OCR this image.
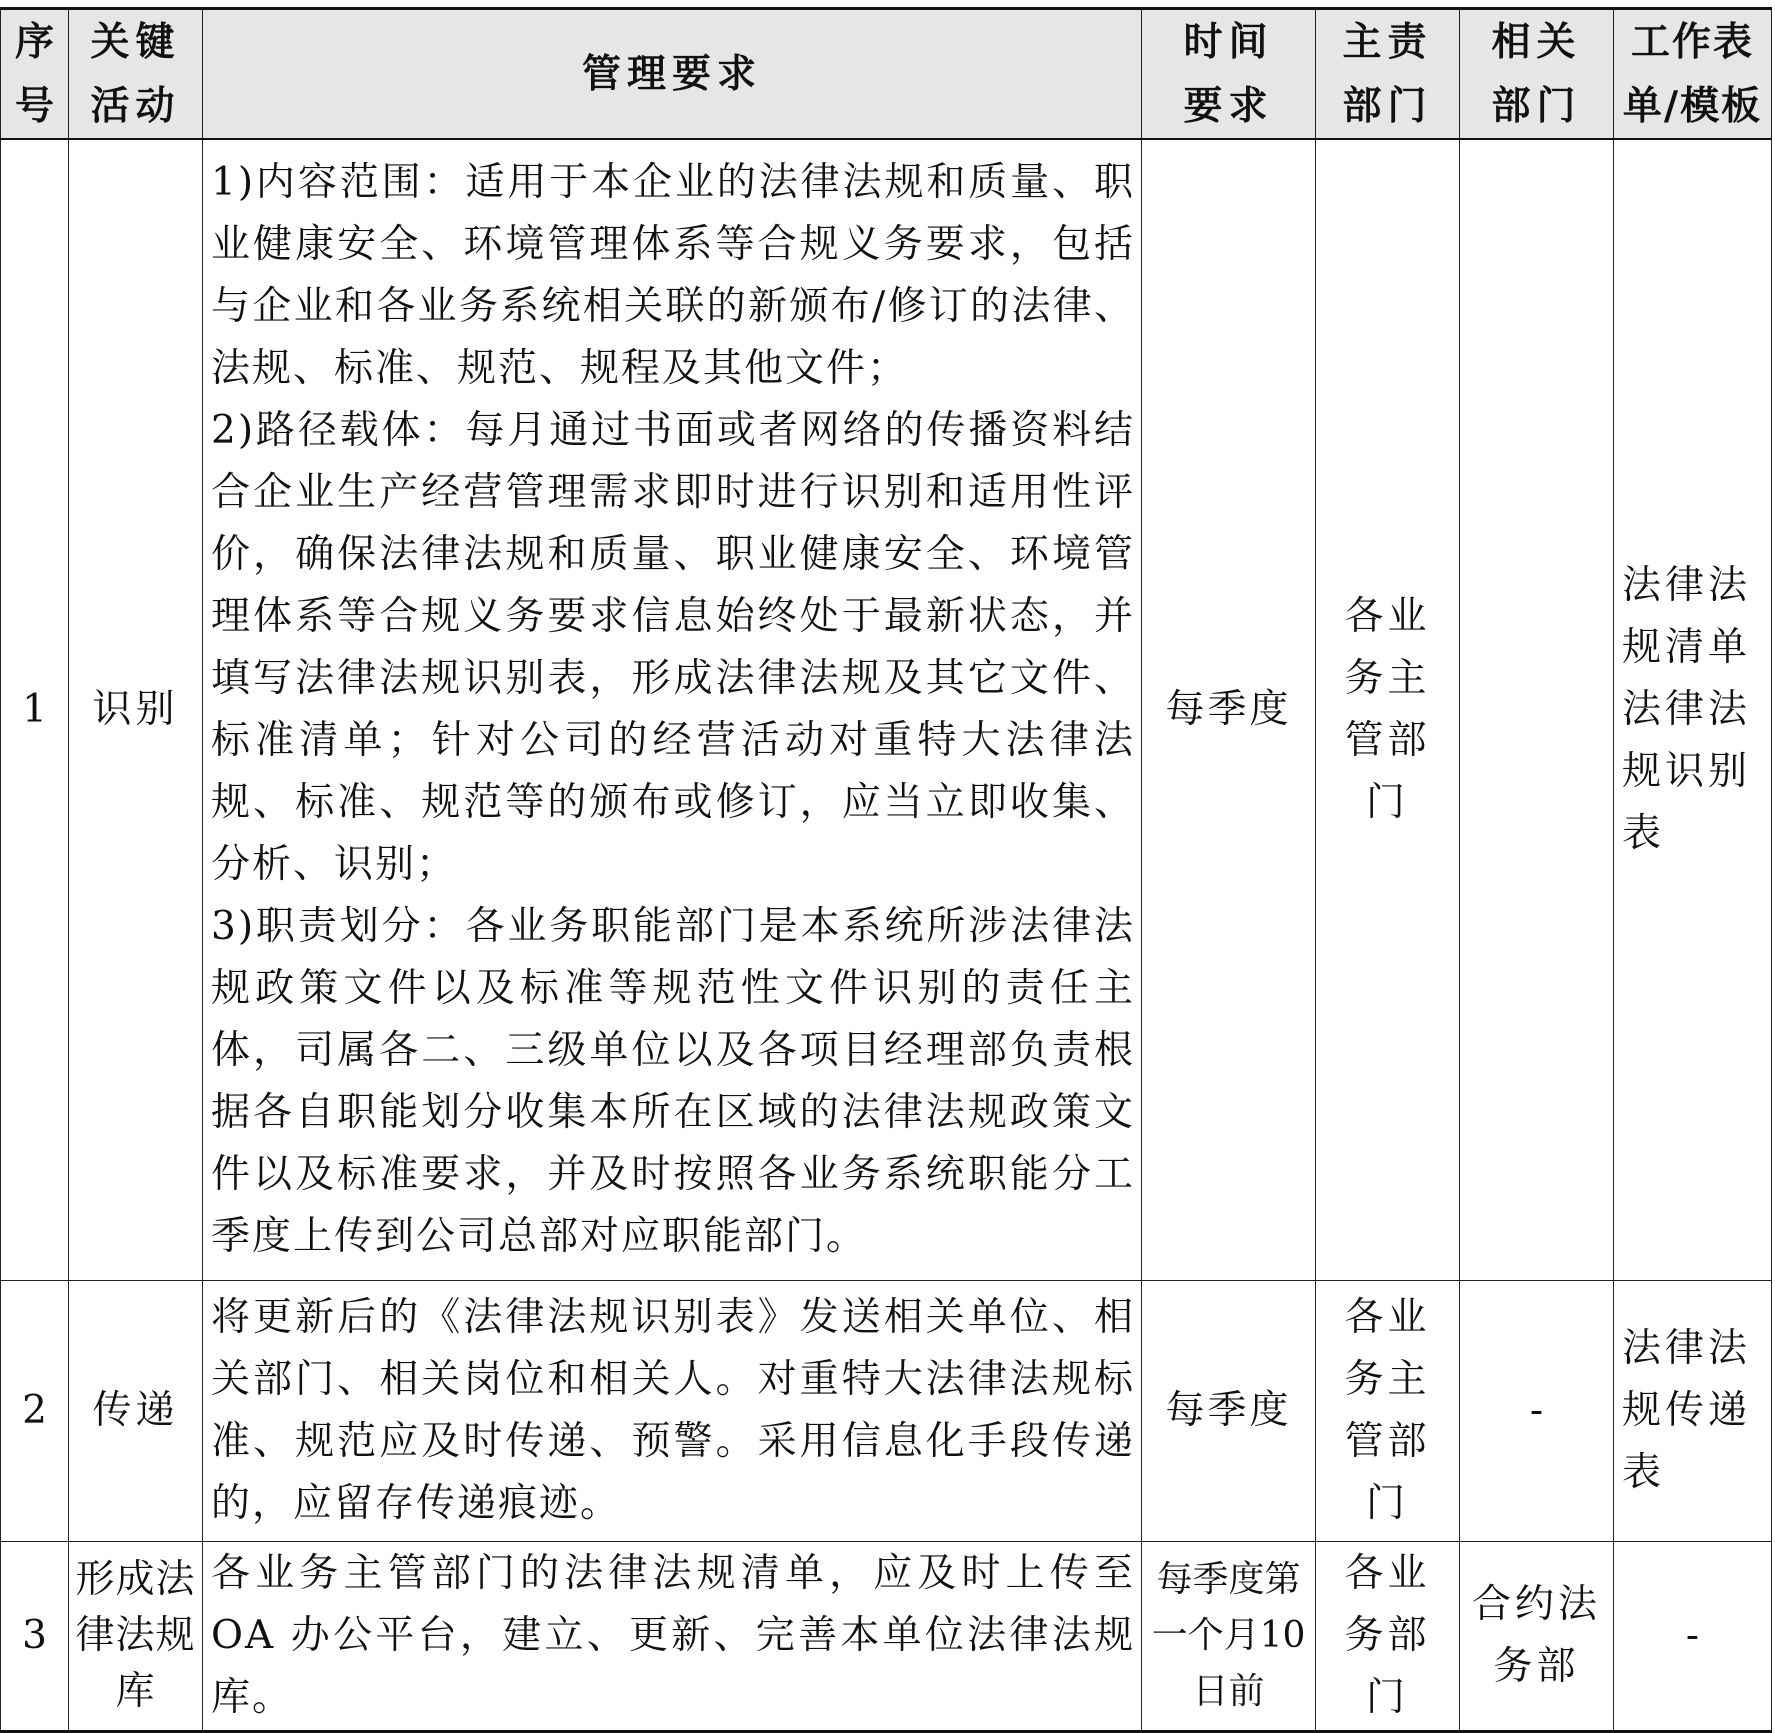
序号	关键活动	管理要求	时间要求	主责部门	相关部门	工作表单/模板
1	识别	1)内容范围：适用于本企业的法律法规和质量、职业健康安全、环境管理体系等合规义务要求，包括与企业和各业务系统相关联的新颁布/修订的法律、法规、标准、规范、规程及其他文件；

2)路径载体：每月通过书面或者网络的传播资料结合企业生产经营管理需求即时进行识别和适用性评价，确保法律法规和质量、职业健康安全、环境管理体系等合规义务要求信息始终处于最新状态，并填写法律法规识别表，形成法律法规及其它文件、标准清单；针对公司的经营活动对重特大法律法规、标准、规范等的颁布或修订，应当立即收集、分析、识别；

3)职责划分：各业务职能部门是本系统所涉法律法规政策文件以及标准等规范性文件识别的责任主体，司属各二、三级单位以及各项目经理部负责根据各自职能划分收集本所在区域的法律法规政策文件以及标准要求，并及时按照各业务系统职能分工季度上传到公司总部对应职能部门。	每季度	各业务主管部门		法律法规清单法律法规识别表
2	传递	将更新后的《法律法规识别表》发送相关单位、相关部门、相关岗位和相关人。对重特大法律法规标准、规范应及时传递、预警。采用信息化手段传递的，应留存传递痕迹。	每季度	各业务主管部门	-	法律法规传递表
3	形成法律法规库	各业务主管部门的法律法规清单，应及时上传至OA 办公平台，建立、更新、完善本单位法律法规库。	每季度第一个月10日前	各业务部门	合约法务部	-
